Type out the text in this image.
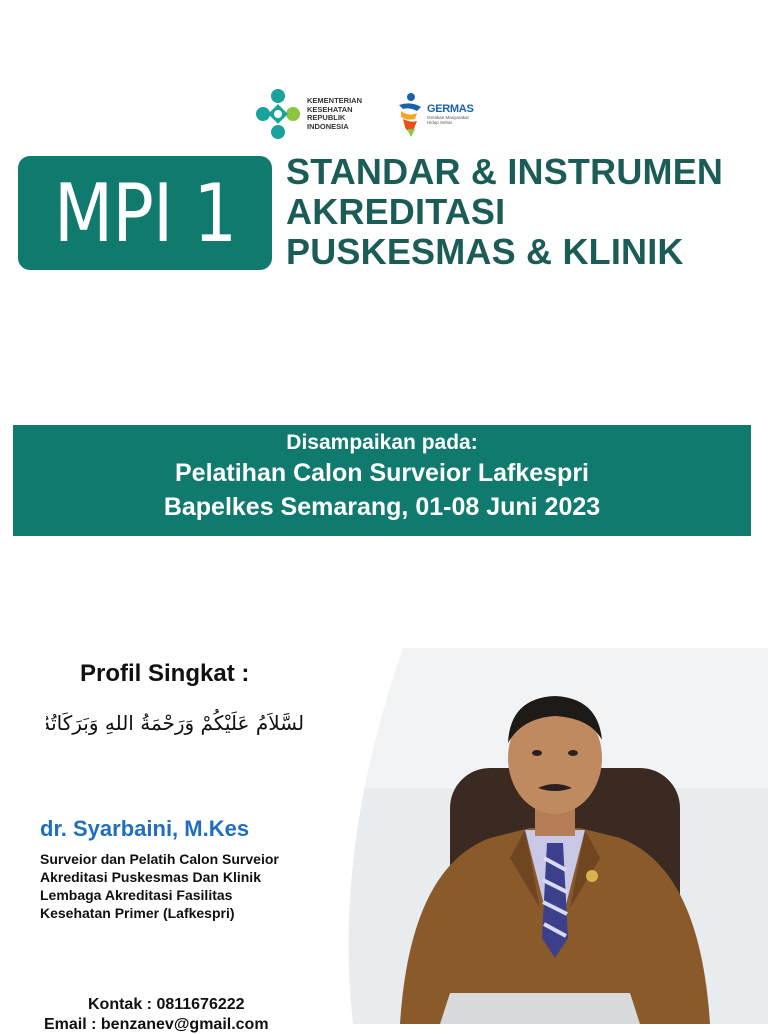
KEMENTERIAN
KESEHATAN
REPUBLIK
INDONESIA
GERMAS
Gerakan Masyarakat
Hidup Sehat
MPI 1 STANDAR & INSTRUMEN
AKREDITASI
PUSKESMAS & KLINIK
Disampaikan pada:
Pelatihan Calon Surveior Lafkespri
Bapelkes Semarang, 01-08 Juni 2023
Profil Singkat :
السَّلاَمُ عَلَيْكُمْ وَرَحْمَةُ اللهِ وَبَرَكَاتُهُ
dr. Syarbaini, M.Kes
Surveior dan Pelatih Calon Surveior
Akreditasi Puskesmas Dan Klinik
Lembaga Akreditasi Fasilitas
Kesehatan Primer (Lafkespri)
Kontak : 0811676222
Email : benzanev@gmail.com
